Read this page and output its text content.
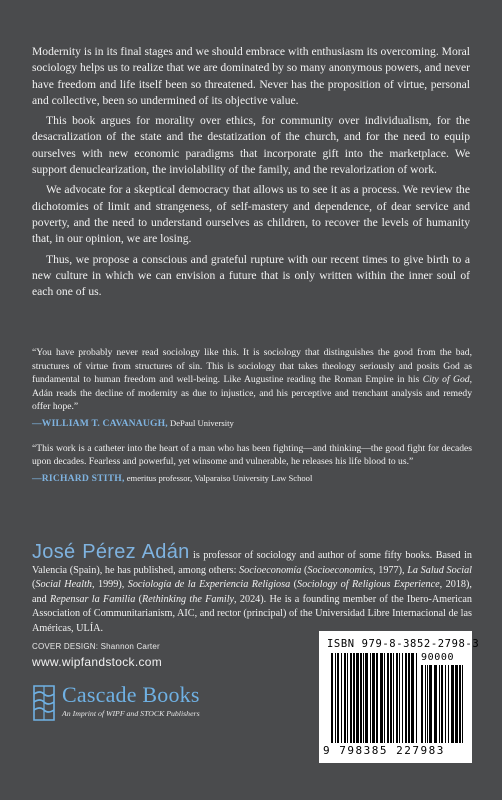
Modernity is in its final stages and we should embrace with enthusiasm its overcoming. Moral sociology helps us to realize that we are dominated by so many anonymous powers, and never have freedom and life itself been so threatened. Never has the proposition of virtue, personal and collective, been so undermined of its objective value.

This book argues for morality over ethics, for community over individualism, for the desacralization of the state and the destatization of the church, and for the need to equip ourselves with new economic paradigms that incorporate gift into the marketplace. We support denuclearization, the inviolability of the family, and the revalorization of work.

We advocate for a skeptical democracy that allows us to see it as a process. We review the dichotomies of limit and strangeness, of self-mastery and dependence, of dear service and poverty, and the need to understand ourselves as children, to recover the levels of humanity that, in our opinion, we are losing.

Thus, we propose a conscious and grateful rupture with our recent times to give birth to a new culture in which we can envision a future that is only written within the inner soul of each one of us.

“You have probably never read sociology like this. It is sociology that distinguishes the good from the bad, structures of virtue from structures of sin. This is sociology that takes theology seriously and posits God as fundamental to human freedom and well-being. Like Augustine reading the Roman Empire in his City of God, Adán reads the decline of modernity as due to injustice, and his perceptive and trenchant analysis and remedy offer hope.”

—WILLIAM T. CAVANAUGH, DePaul University

“This work is a catheter into the heart of a man who has been fighting—and thinking—the good fight for decades upon decades. Fearless and powerful, yet winsome and vulnerable, he releases his life blood to us.”

—RICHARD STITH, emeritus professor, Valparaiso University Law School

José Pérez Adán is professor of sociology and author of some fifty books. Based in Valencia (Spain), he has published, among others: Socioeconomía (Socioeconomics, 1977), La Salud Social (Social Health, 1999), Sociología de la Experiencia Religiosa (Sociology of Religious Experience, 2018), and Repensar la Familia (Rethinking the Family, 2024). He is a founding member of the Ibero-American Association of Communitarianism, AIC, and rector (principal) of the Universidad Libre Internacional de las Américas, ULÍA.
COVER DESIGN: Shannon Carter
www.wipfandstock.com
Cascade Books
An Imprint of WIPF and STOCK Publishers
ISBN 979-8-3852-2798-3
90000
9 798385 227983
